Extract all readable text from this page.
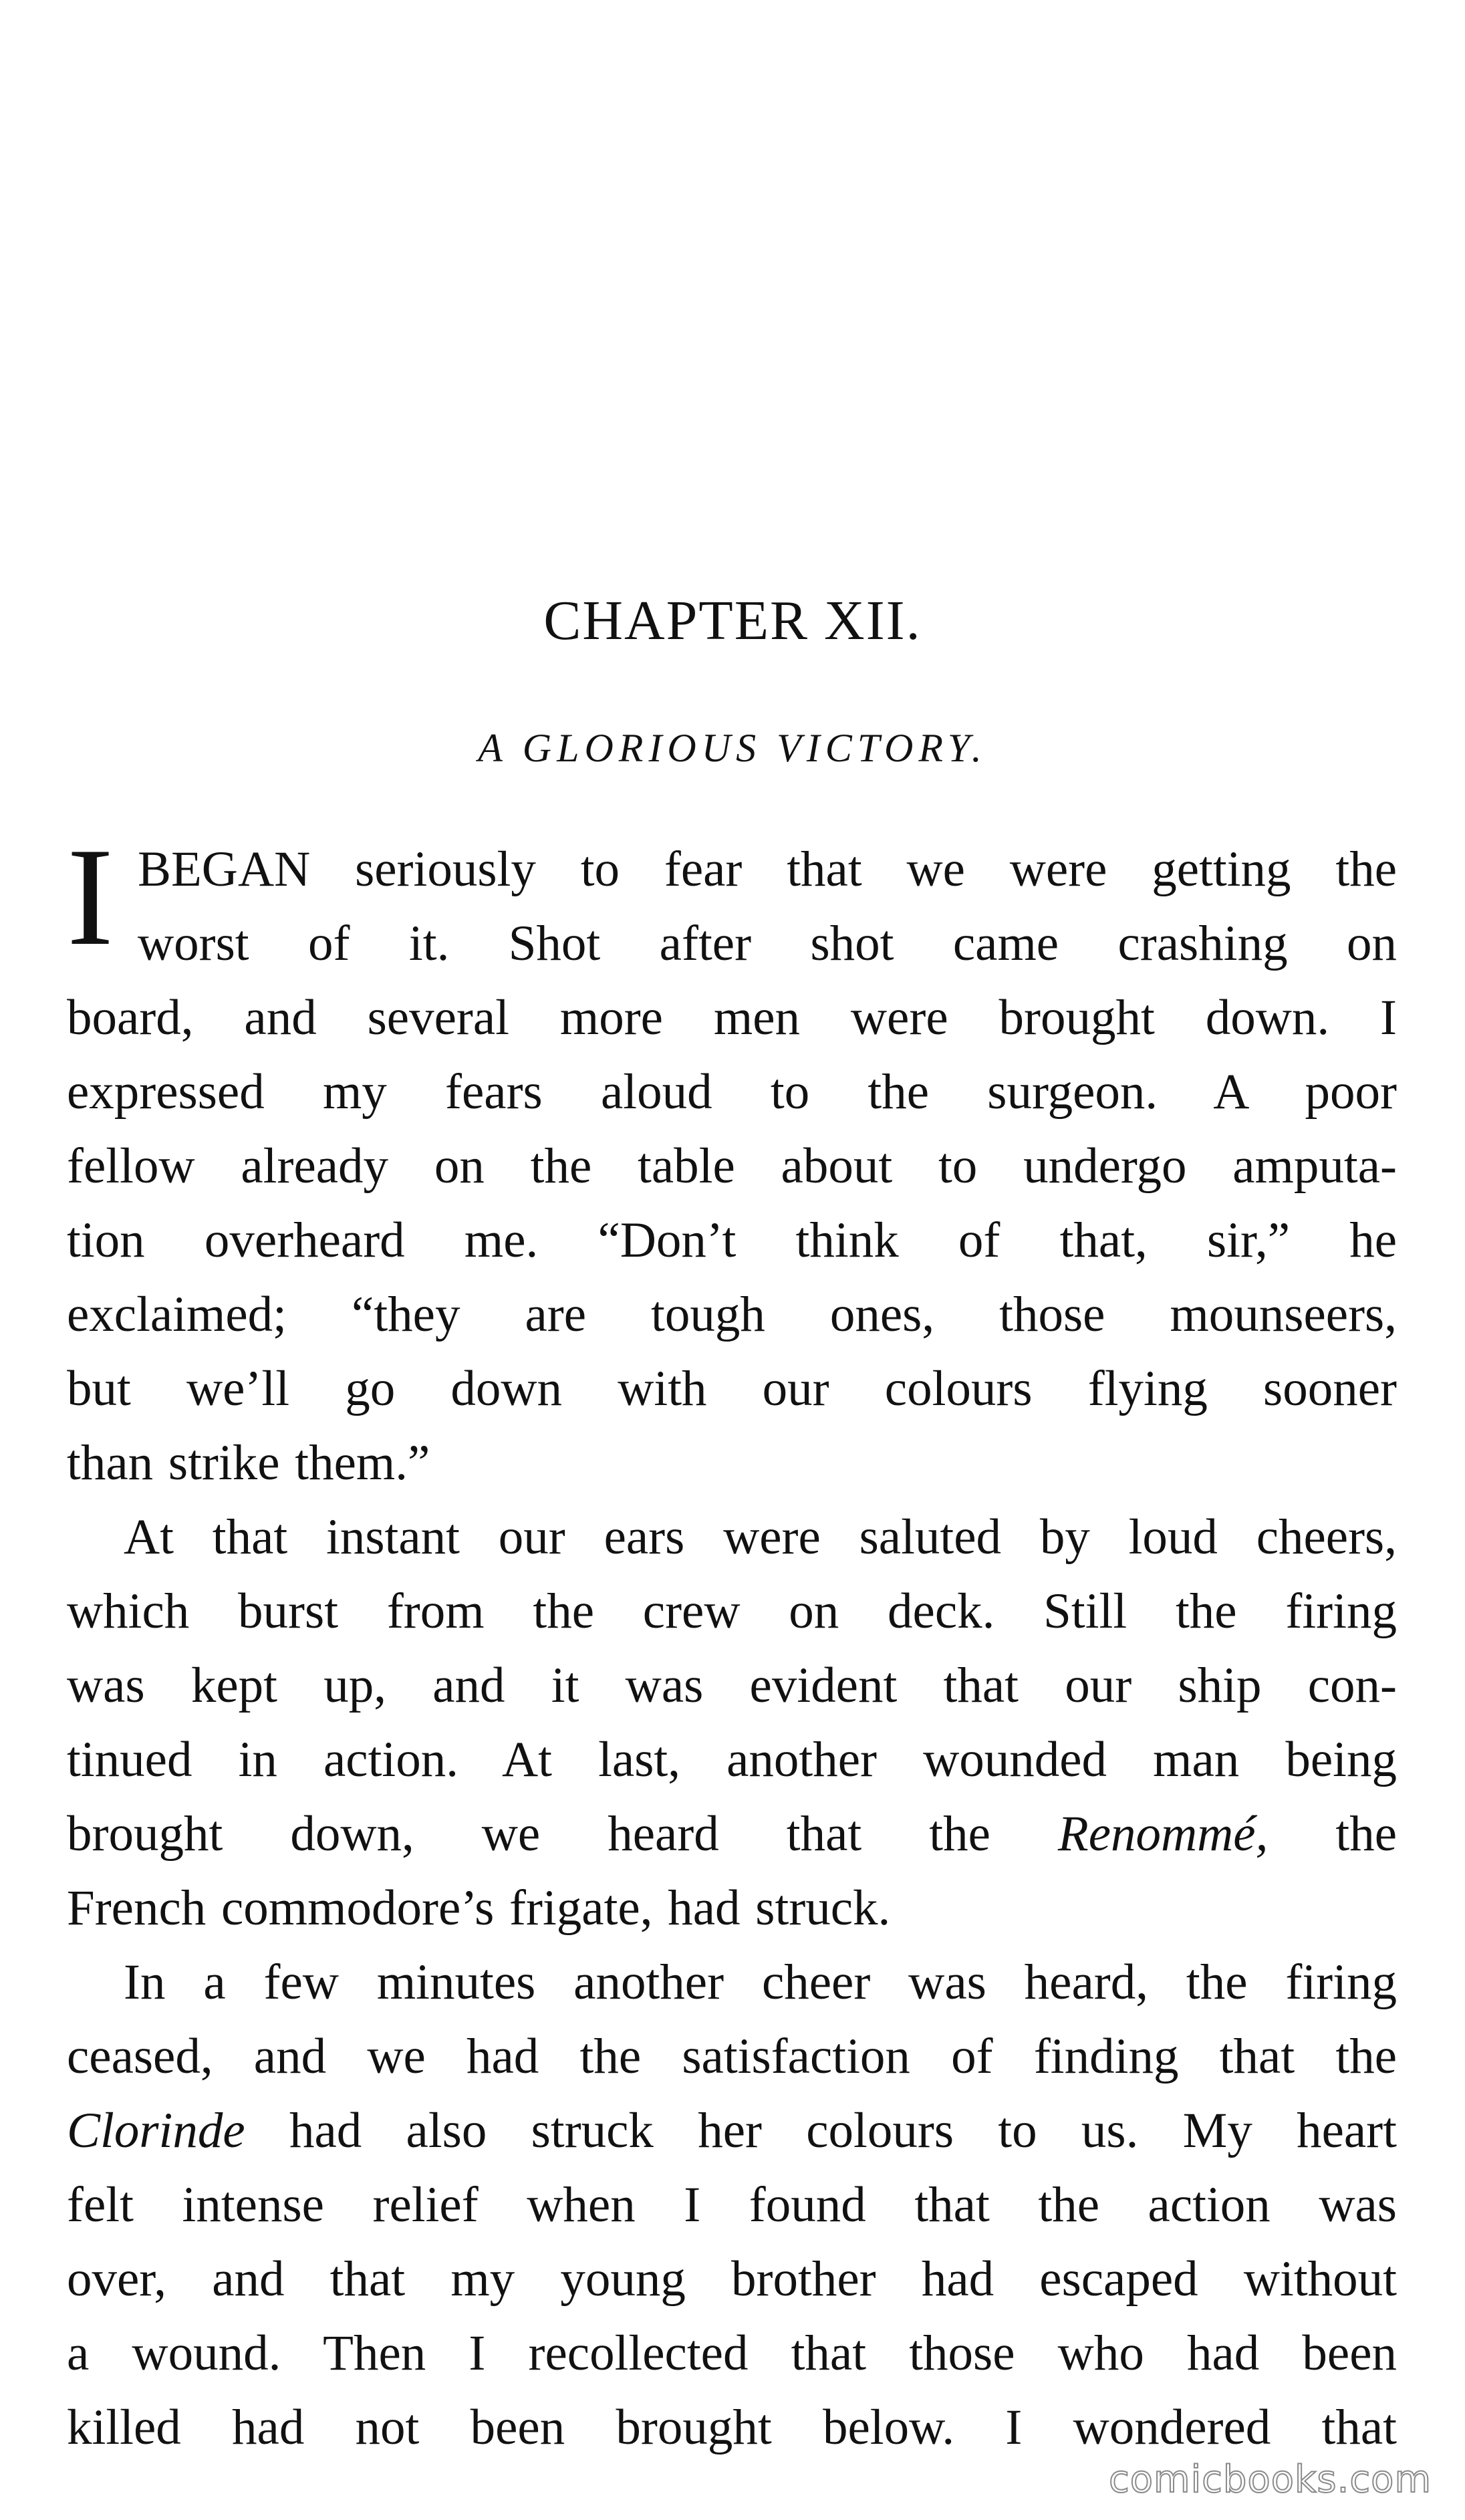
CHAPTER XII.
A GLORIOUS VICTORY.
I BEGAN seriously to fear that we were getting the
worst of it. Shot after shot came crashing on
board, and several more men were brought down. I
expressed my fears aloud to the surgeon. A poor
fellow already on the table about to undergo amputa-
tion overheard me. “Don’t think of that, sir,” he
exclaimed; “they are tough ones, those mounseers,
but we’ll go down with our colours flying sooner
than strike them.”
At that instant our ears were saluted by loud cheers,
which burst from the crew on deck. Still the firing
was kept up, and it was evident that our ship con-
tinued in action. At last, another wounded man being
brought down, we heard that the Renommé, the
French commodore’s frigate, had struck.
In a few minutes another cheer was heard, the firing
ceased, and we had the satisfaction of finding that the
Clorinde had also struck her colours to us. My heart
felt intense relief when I found that the action was
over, and that my young brother had escaped without
a wound. Then I recollected that those who had been
killed had not been brought below. I wondered that
comicbooks.com
